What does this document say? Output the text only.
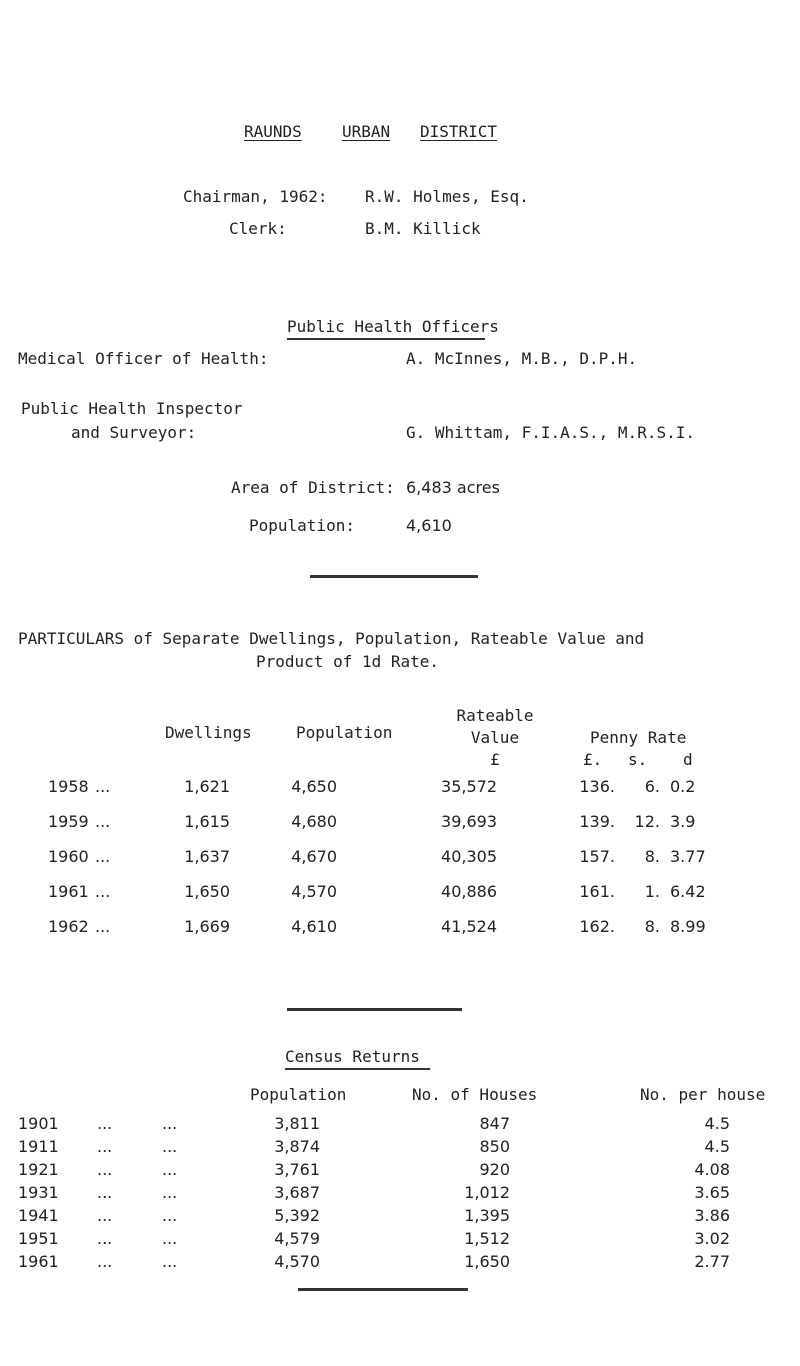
RAUNDS	URBAN DISTRICT
Chairman, 1962: R.W. Holmes, Esq.
Clerk:	B.M. Killick
Public Health Officers
Medical Officer of Health:	A. McInnes, M.B., D.P.H.
Public Health Inspector
and Surveyor:	G. Whittam, F.I.A.S., M.R.S.I.
Area of District: 6,483 acres
Population:	4,610
PARTICULARS of Separate Dwellings, Population, Rateable Value and
Product of 1d Rate.
Dwellings	Population
Rateable
Value
£
Penny Rate
£. s. d
1958 ...	1,621	4,650	35,572	136.	6. 0.2
1959 ...	1,615	4,680	39,693	139.	12. 3.9
1960 ...	1,637	4,670	40,305	157.	8. 3.77
1961 ...	1,650	4,570	40,886	161.	1. 6.42
1962 ...	1,669	4,610	41,524	162.	8. 8.99
Census Returns
Population	No. of Houses	No. per house
1901 ...	...	3,811	847	4.5
1911 ...	...	3,874	850	4.5
1921 ...	...	3,761	920	4.08
1931 ...	...	3,687	1,012	3.65
1941 ...	...	5,392	1,395	3.86
1951 ...	...	4,579	1,512	3.02
1961 ...	...	4,570	1,650	2.77
